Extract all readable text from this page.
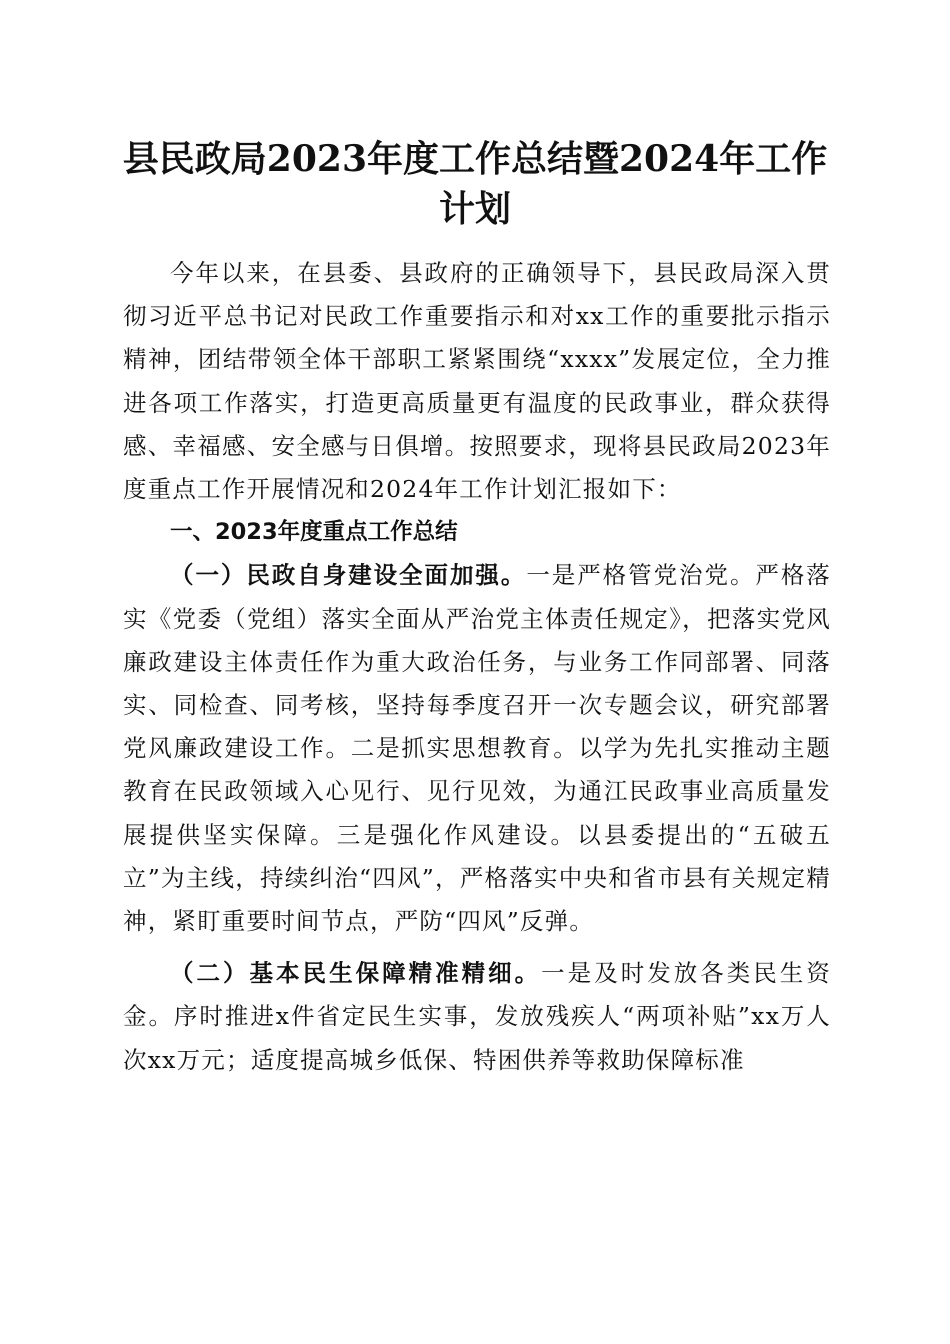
县民政局2023年度工作总结暨2024年工作计划

今年以来，在县委、县政府的正确领导下，县民政局深入贯彻习近平总书记对民政工作重要指示和对xx工作的重要批示指示精神，团结带领全体干部职工紧紧围绕“xxxx”发展定位，全力推进各项工作落实，打造更高质量更有温度的民政事业，群众获得感、幸福感、安全感与日俱增。按照要求，现将县民政局2023年度重点工作开展情况和2024年工作计划汇报如下：

一、2023年度重点工作总结

（一）民政自身建设全面加强。一是严格管党治党。严格落实《党委（党组）落实全面从严治党主体责任规定》，把落实党风廉政建设主体责任作为重大政治任务，与业务工作同部署、同落实、同检查、同考核，坚持每季度召开一次专题会议，研究部署党风廉政建设工作。二是抓实思想教育。以学为先扎实推动主题教育在民政领域入心见行、见行见效，为通江民政事业高质量发展提供坚实保障。三是强化作风建设。以县委提出的“五破五立”为主线，持续纠治“四风”，严格落实中央和省市县有关规定精神，紧盯重要时间节点，严防“四风”反弹。

（二）基本民生保障精准精细。一是及时发放各类民生资金。序时推进x件省定民生实事，发放残疾人“两项补贴”xx万人次xx万元；适度提高城乡低保、特困供养等救助保障标准
